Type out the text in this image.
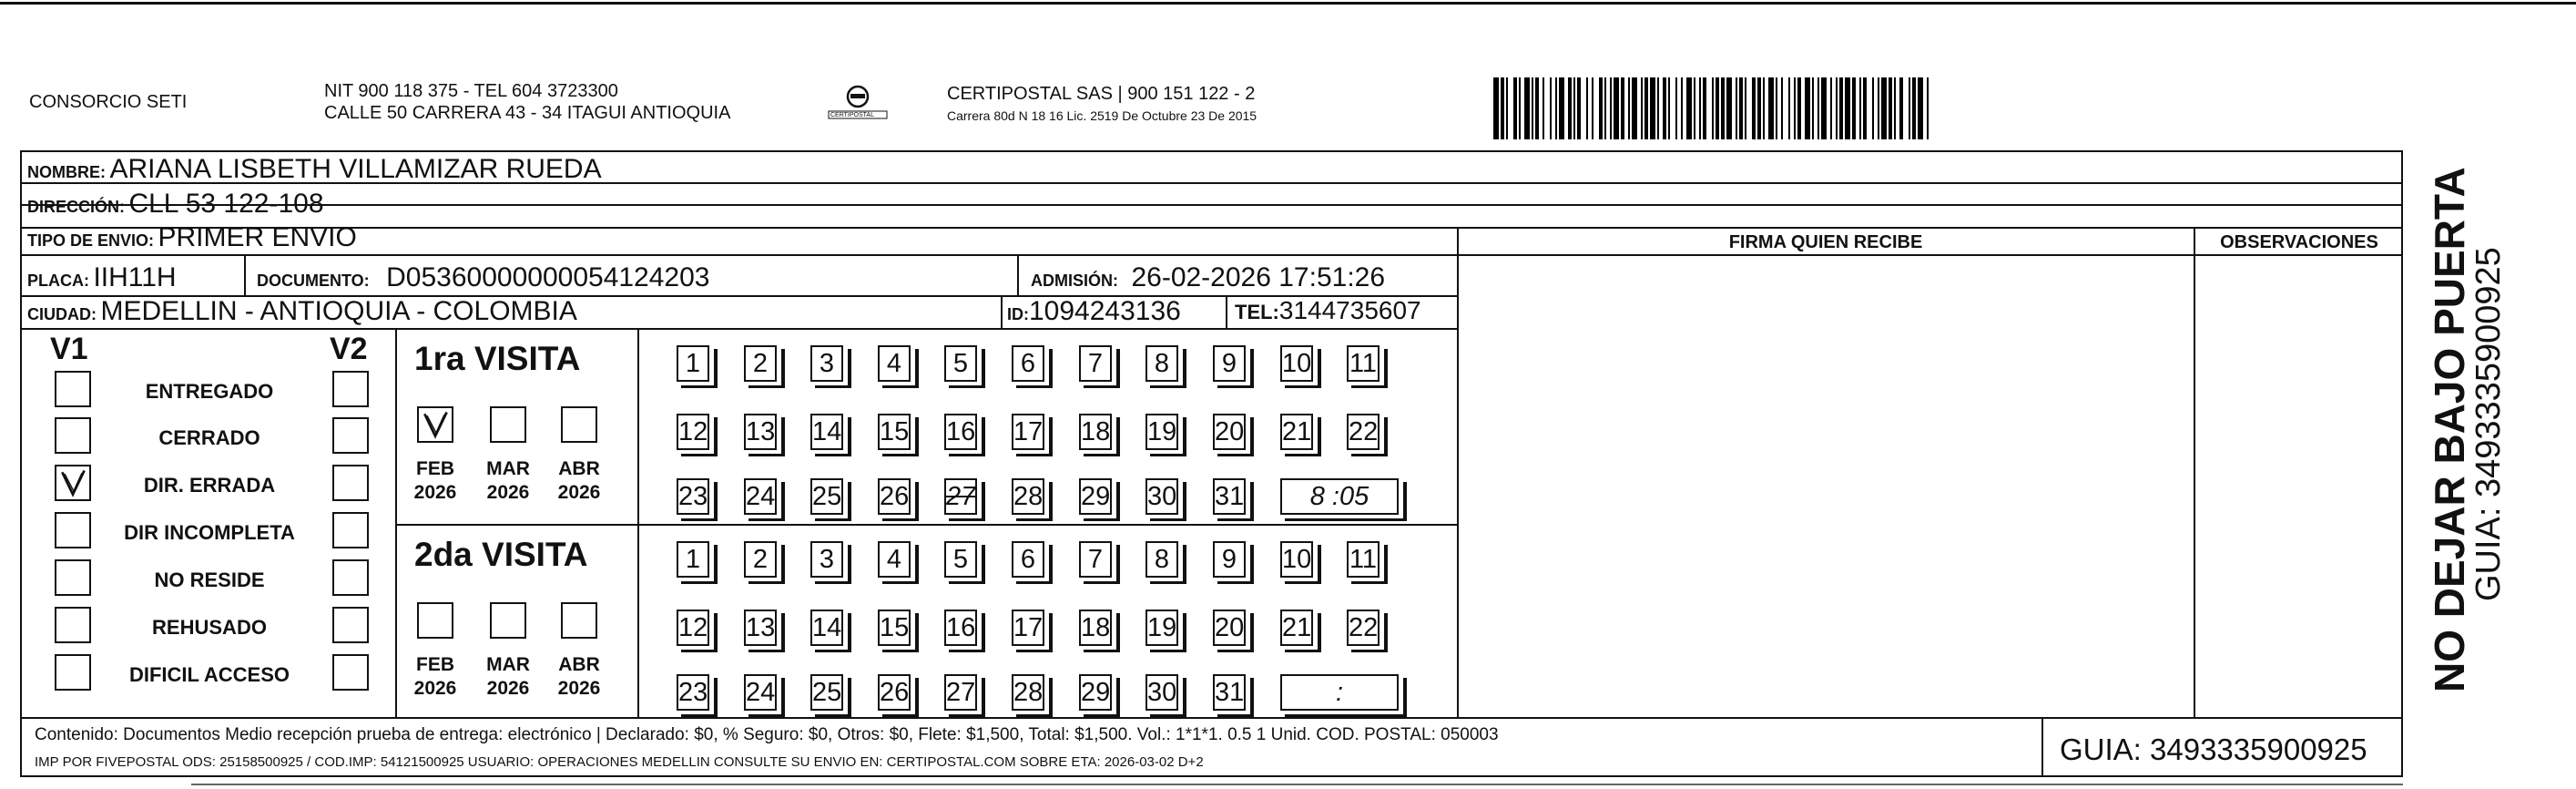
CONSORCIO SETI
NIT 900 118 375 - TEL 604 3723300
CALLE 50 CARRERA 43 - 34 ITAGUI ANTIOQUIA	CERTIPOSTAL
CERTIPOSTAL SAS | 900 151 122 - 2
Carrera 80d N 18 16 Lic. 2519 De Octubre 23 De 2015
NOMBRE: ARIANA LISBETH VILLAMIZAR RUEDA
DIRECCIÓN: CLL 53 122-108
TIPO DE ENVIO: PRIMER ENVIO
PLACA: IIH11H	DOCUMENTO: D05360000000054124203	ADMISIÓN: 26-02-2026 17:51:26
CIUDAD: MEDELLIN - ANTIOQUIA - COLOMBIA	ID:1094243136	TEL:3144735607
FIRMA QUIEN RECIBE	OBSERVACIONES
V1	V2
ENTREGADO
CERRADO
DIR. ERRADA
DIR INCOMPLETA
NO RESIDE
REHUSADO
DIFICIL ACCESO
1ra VISITA
FEB
2026
MAR
2026
ABR
2026
1	2	3	4	5	6	7	8	9	10 11
12 13 14 15 16 17 18 19 20 21 22
23 24 25 26 27 28 29 30 31	8 :05
2da VISITA
FEB
2026
MAR
2026
ABR
2026
1	2	3	4	5	6	7	8	9	10 11
12 13 14 15 16 17 18 19 20 21 22
23 24 25 26 27 28 29 30 31	:
Contenido: Documentos Medio recepción prueba de entrega: electrónico | Declarado: $0, % Seguro: $0, Otros: $0, Flete: $1,500, Total: $1,500. Vol.: 1*1*1. 0.5 1 Unid. COD. POSTAL: 050003
IMP POR FIVEPOSTAL ODS: 25158500925 / COD.IMP: 54121500925 USUARIO: OPERACIONES MEDELLIN CONSULTE SU ENVIO EN: CERTIPOSTAL.COM SOBRE ETA: 2026-03-02 D+2	GUIA: 3493335900925
NO DEJAR BAJO PUERTA
GUIA: 3493335900925
